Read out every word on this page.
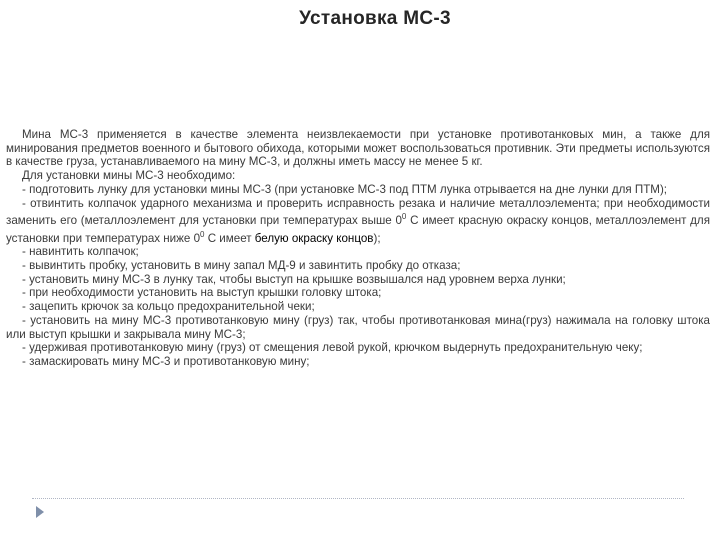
Установка МС-3

Мина МС-3 применяется в качестве элемента неизвлекаемости при установке противотанковых мин, а также для минирования предметов военного и бытового обихода, которыми может воспользоваться противник. Эти предметы используются в качестве груза, устанавливаемого на мину МС-3, и должны иметь массу не менее 5 кг.

Для установки мины МС-3 необходимо:

- подготовить лунку для установки мины МС-3 (при установке МС-3 под ПТМ лунка отрывается на дне лунки для ПТМ);

- отвинтить колпачок ударного механизма и проверить исправность резака и наличие металлоэлемента; при необходимости заменить его (металлоэлемент для установки при температурах выше $0^0$ С имеет красную окраску концов, металлоэлемент для установки при температурах ниже $0^0$ С имеет белую окраску концов);

- навинтить колпачок;

- вывинтить пробку, установить в мину запал МД-9 и завинтить пробку до отказа;

- установить мину МС-3 в лунку так, чтобы выступ на крышке возвышался над уровнем верха лунки;

- при необходимости установить на выступ крышки головку штока;

- зацепить крючок за кольцо предохранительной чеки;

- установить на мину МС-3 противотанковую мину (груз) так, чтобы противотанковая мина(груз) нажимала на головку штока или выступ крышки и закрывала мину МС-3;

- удерживая противотанковую мину (груз) от смещения левой рукой, крючком выдернуть предохранительную чеку;

- замаскировать мину МС-3 и противотанковую мину;
